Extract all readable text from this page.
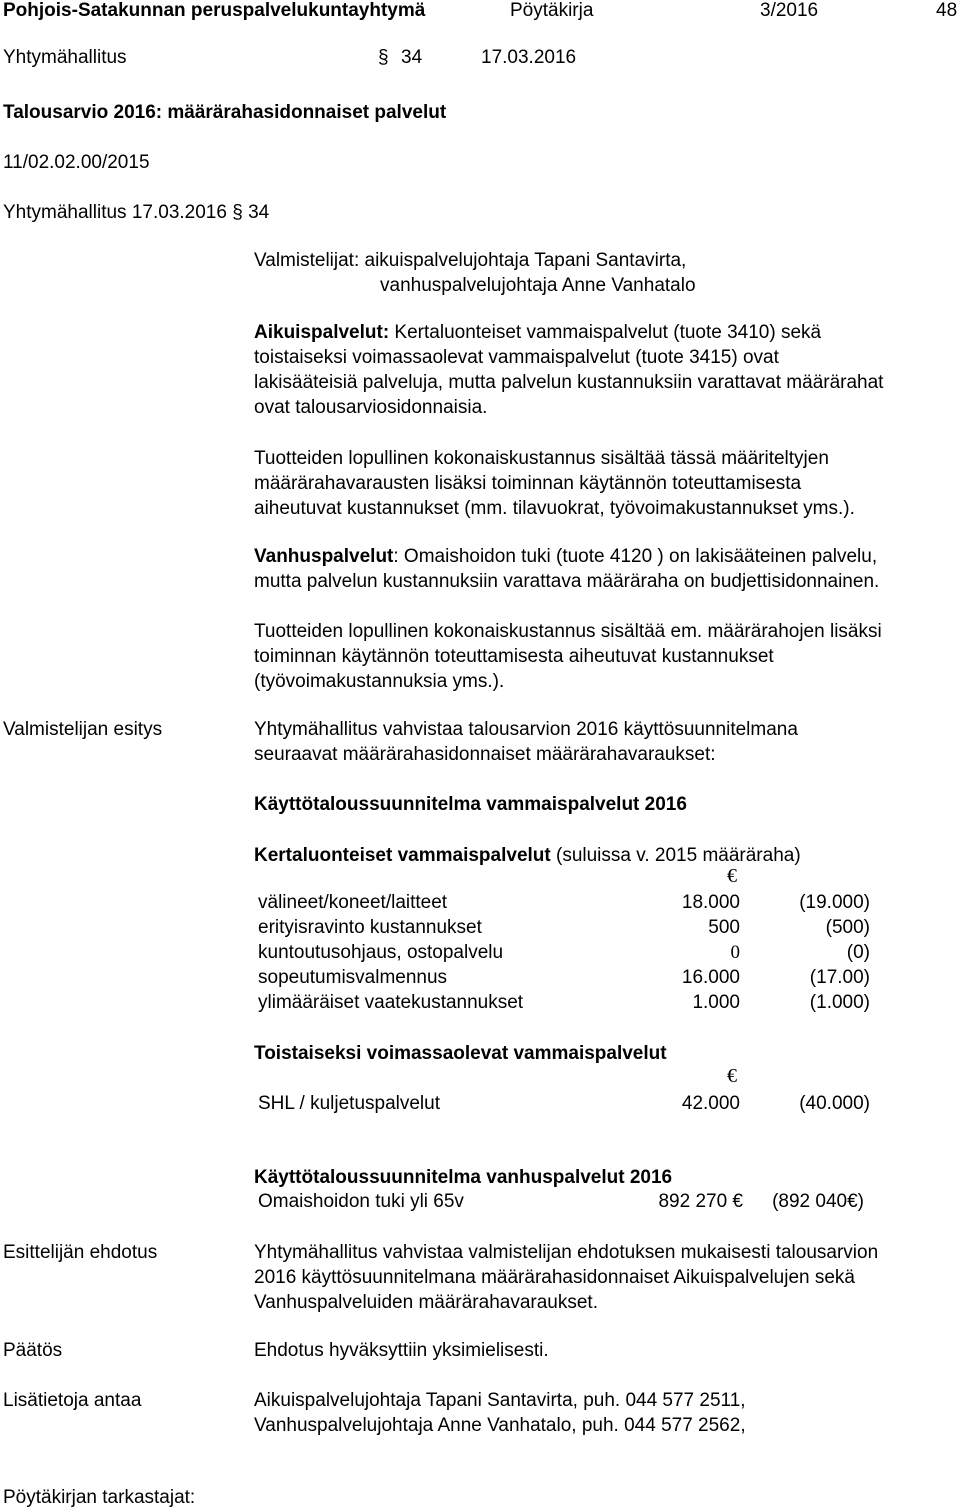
Pohjois-Satakunnan peruspalvelukuntayhtymä	Pöytäkirja	3/2016	48
Yhtymähallitus	§ 34	17.03.2016
Talousarvio 2016: määrärahasidonnaiset palvelut
11/02.02.00/2015
Yhtymähallitus 17.03.2016 § 34
Valmistelijat: aikuispalvelujohtaja Tapani Santavirta,
vanhuspalvelujohtaja Anne Vanhatalo
Aikuispalvelut: Kertaluonteiset vammaispalvelut (tuote 3410) sekä
toistaiseksi voimassaolevat vammaispalvelut (tuote 3415) ovat
lakisääteisiä palveluja, mutta palvelun kustannuksiin varattavat määrärahat
ovat talousarviosidonnaisia.
Tuotteiden lopullinen kokonaiskustannus sisältää tässä määriteltyjen
määrärahavarausten lisäksi toiminnan käytännön toteuttamisesta
aiheutuvat kustannukset (mm. tilavuokrat, työvoimakustannukset yms.).
Vanhuspalvelut: Omaishoidon tuki (tuote 4120 ) on lakisääteinen palvelu,
mutta palvelun kustannuksiin varattava määräraha on budjettisidonnainen.
Tuotteiden lopullinen kokonaiskustannus sisältää em. määrärahojen lisäksi
toiminnan käytännön toteuttamisesta aiheutuvat kustannukset
(työvoimakustannuksia yms.).
Valmistelijan esitys	Yhtymähallitus vahvistaa talousarvion 2016 käyttösuunnitelmana
seuraavat määrärahasidonnaiset määrärahavaraukset:
Käyttötaloussuunnitelma vammaispalvelut 2016
Kertaluonteiset vammaispalvelut (suluissa v. 2015 määräraha)
€
välineet/koneet/laitteet	18.000	(19.000)
erityisravinto kustannukset	500	(500)
kuntoutusohjaus, ostopalvelu	0	(0)
sopeutumisvalmennus	16.000	(17.00)
ylimääräiset vaatekustannukset	1.000	(1.000)
Toistaiseksi voimassaolevat vammaispalvelut
€
SHL / kuljetuspalvelut	42.000	(40.000)
Käyttötaloussuunnitelma vanhuspalvelut 2016
Omaishoidon tuki yli 65v	892 270 € (892 040€)
Esittelijän ehdotus	Yhtymähallitus vahvistaa valmistelijan ehdotuksen mukaisesti talousarvion
2016 käyttösuunnitelmana määrärahasidonnaiset Aikuispalvelujen sekä
Vanhuspalveluiden määrärahavaraukset.
Päätös	Ehdotus hyväksyttiin yksimielisesti.
Lisätietoja antaa	Aikuispalvelujohtaja Tapani Santavirta, puh. 044 577 2511,
Vanhuspalvelujohtaja Anne Vanhatalo, puh. 044 577 2562,
Pöytäkirjan tarkastajat:
